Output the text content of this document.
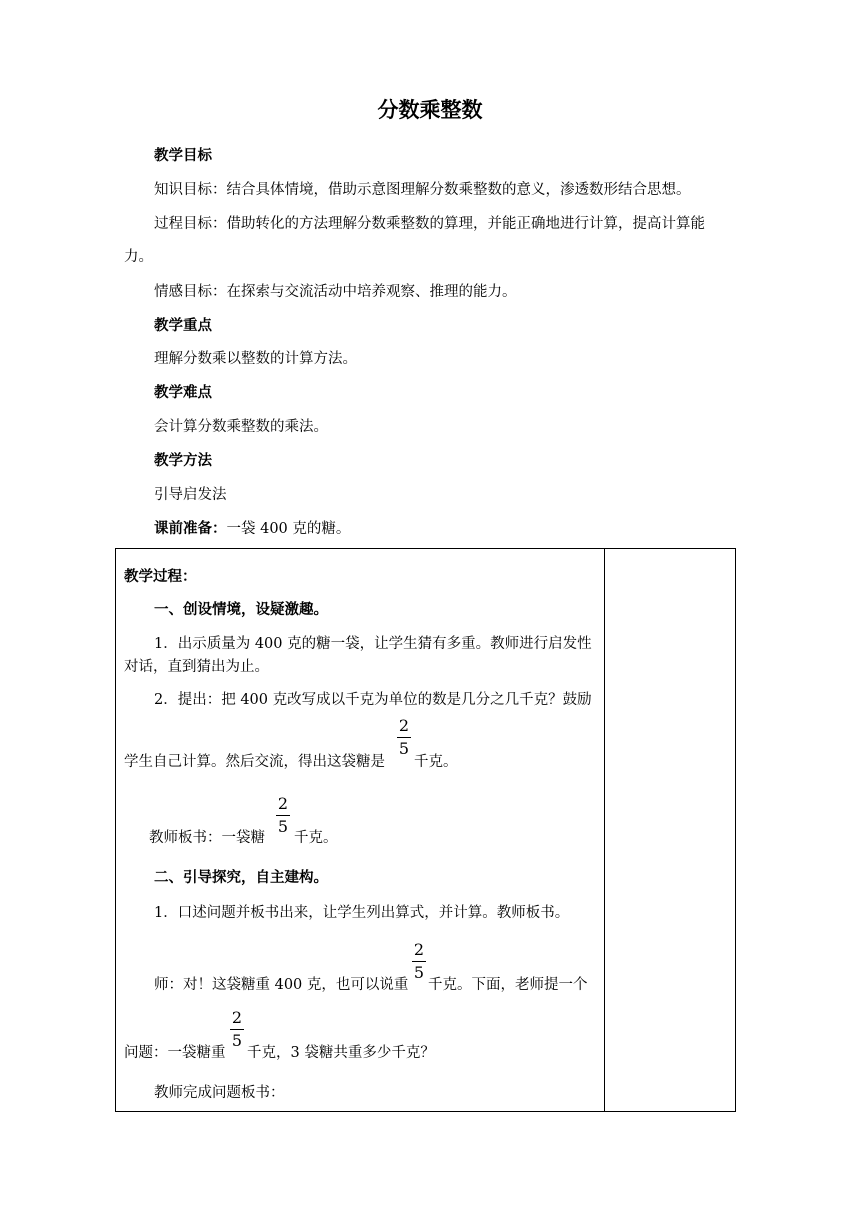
分数乘整数
教学目标
知识目标：结合具体情境，借助示意图理解分数乘整数的意义，渗透数形结合思想。
过程目标：借助转化的方法理解分数乘整数的算理，并能正确地进行计算，提高计算能
力。
情感目标：在探索与交流活动中培养观察、推理的能力。
教学重点
理解分数乘以整数的计算方法。
教学难点
会计算分数乘整数的乘法。
教学方法
引导启发法
课前准备：一袋 400 克的糖。

教学过程：
一、创设情境，设疑激趣。
1．出示质量为 400 克的糖一袋，让学生猜有多重。教师进行启发性
对话，直到猜出为止。
2．提出：把 400 克改写成以千克为单位的数是几分之几千克？鼓励
学生自己计算。然后交流，得出这袋糖是
2
5
千克。
教师板书：一袋糖
2
5
千克。
二、引导探究，自主建构。
1．口述问题并板书出来，让学生列出算式，并计算。教师板书。
师：对！这袋糖重 400 克，也可以说重
2
5
千克。下面，老师提一个
问题：一袋糖重
2
5
千克，3 袋糖共重多少千克？
教师完成问题板书：
